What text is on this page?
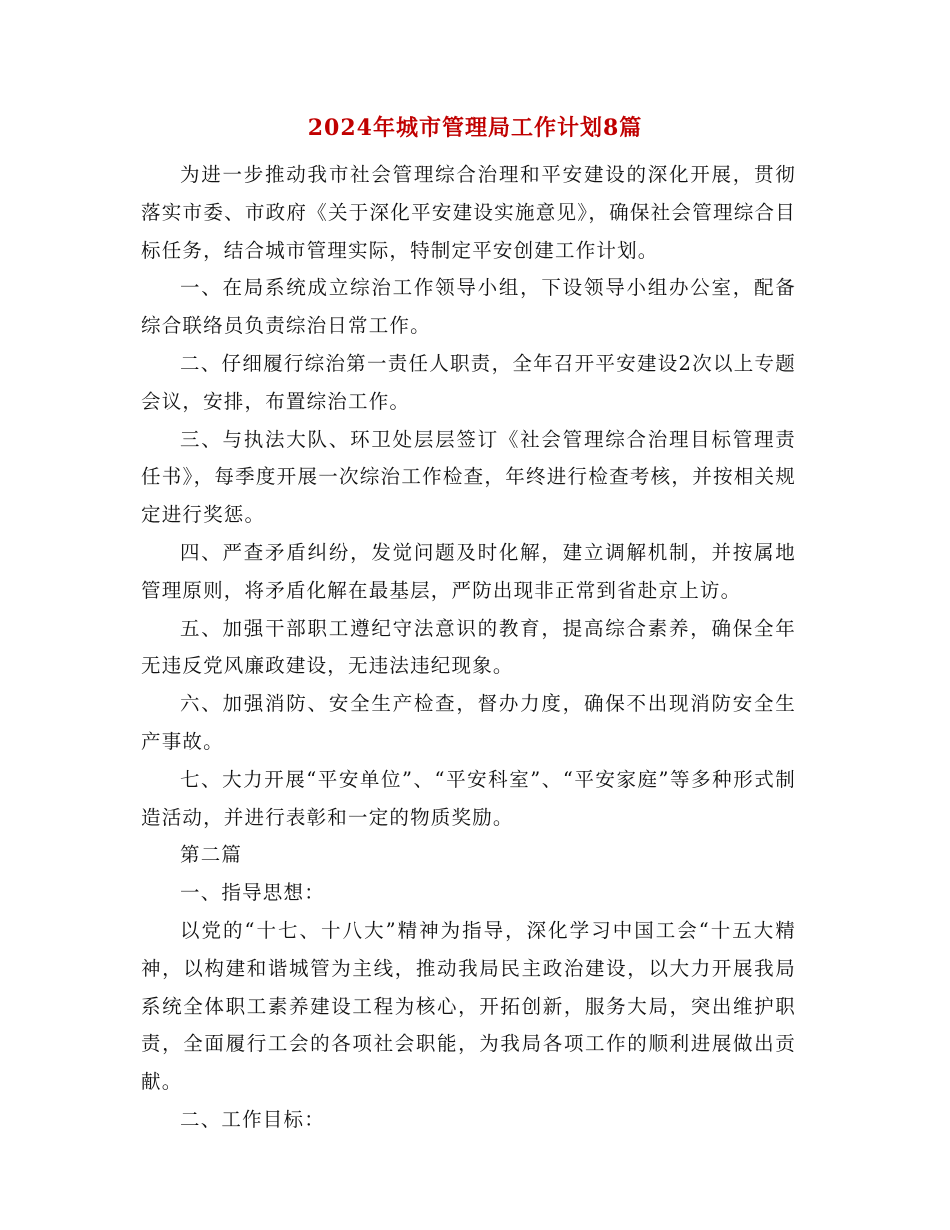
2024年城市管理局工作计划8篇

为进一步推动我市社会管理综合治理和平安建设的深化开展，贯彻落实市委、市政府《关于深化平安建设实施意见》，确保社会管理综合目标任务，结合城市管理实际，特制定平安创建工作计划。

一、在局系统成立综治工作领导小组，下设领导小组办公室，配备综合联络员负责综治日常工作。

二、仔细履行综治第一责任人职责，全年召开平安建设2次以上专题会议，安排，布置综治工作。

三、与执法大队、环卫处层层签订《社会管理综合治理目标管理责任书》，每季度开展一次综治工作检查，年终进行检查考核，并按相关规定进行奖惩。

四、严查矛盾纠纷，发觉问题及时化解，建立调解机制，并按属地管理原则，将矛盾化解在最基层，严防出现非正常到省赴京上访。

五、加强干部职工遵纪守法意识的教育，提高综合素养，确保全年无违反党风廉政建设，无违法违纪现象。

六、加强消防、安全生产检查，督办力度，确保不出现消防安全生产事故。

七、大力开展“平安单位”、“平安科室”、“平安家庭”等多种形式制造活动，并进行表彰和一定的物质奖励。

第二篇

一、指导思想：

以党的“十七、十八大”精神为指导，深化学习中国工会“十五大精神，以构建和谐城管为主线，推动我局民主政治建设，以大力开展我局系统全体职工素养建设工程为核心，开拓创新，服务大局，突出维护职责，全面履行工会的各项社会职能，为我局各项工作的顺利进展做出贡献。

二、工作目标：
